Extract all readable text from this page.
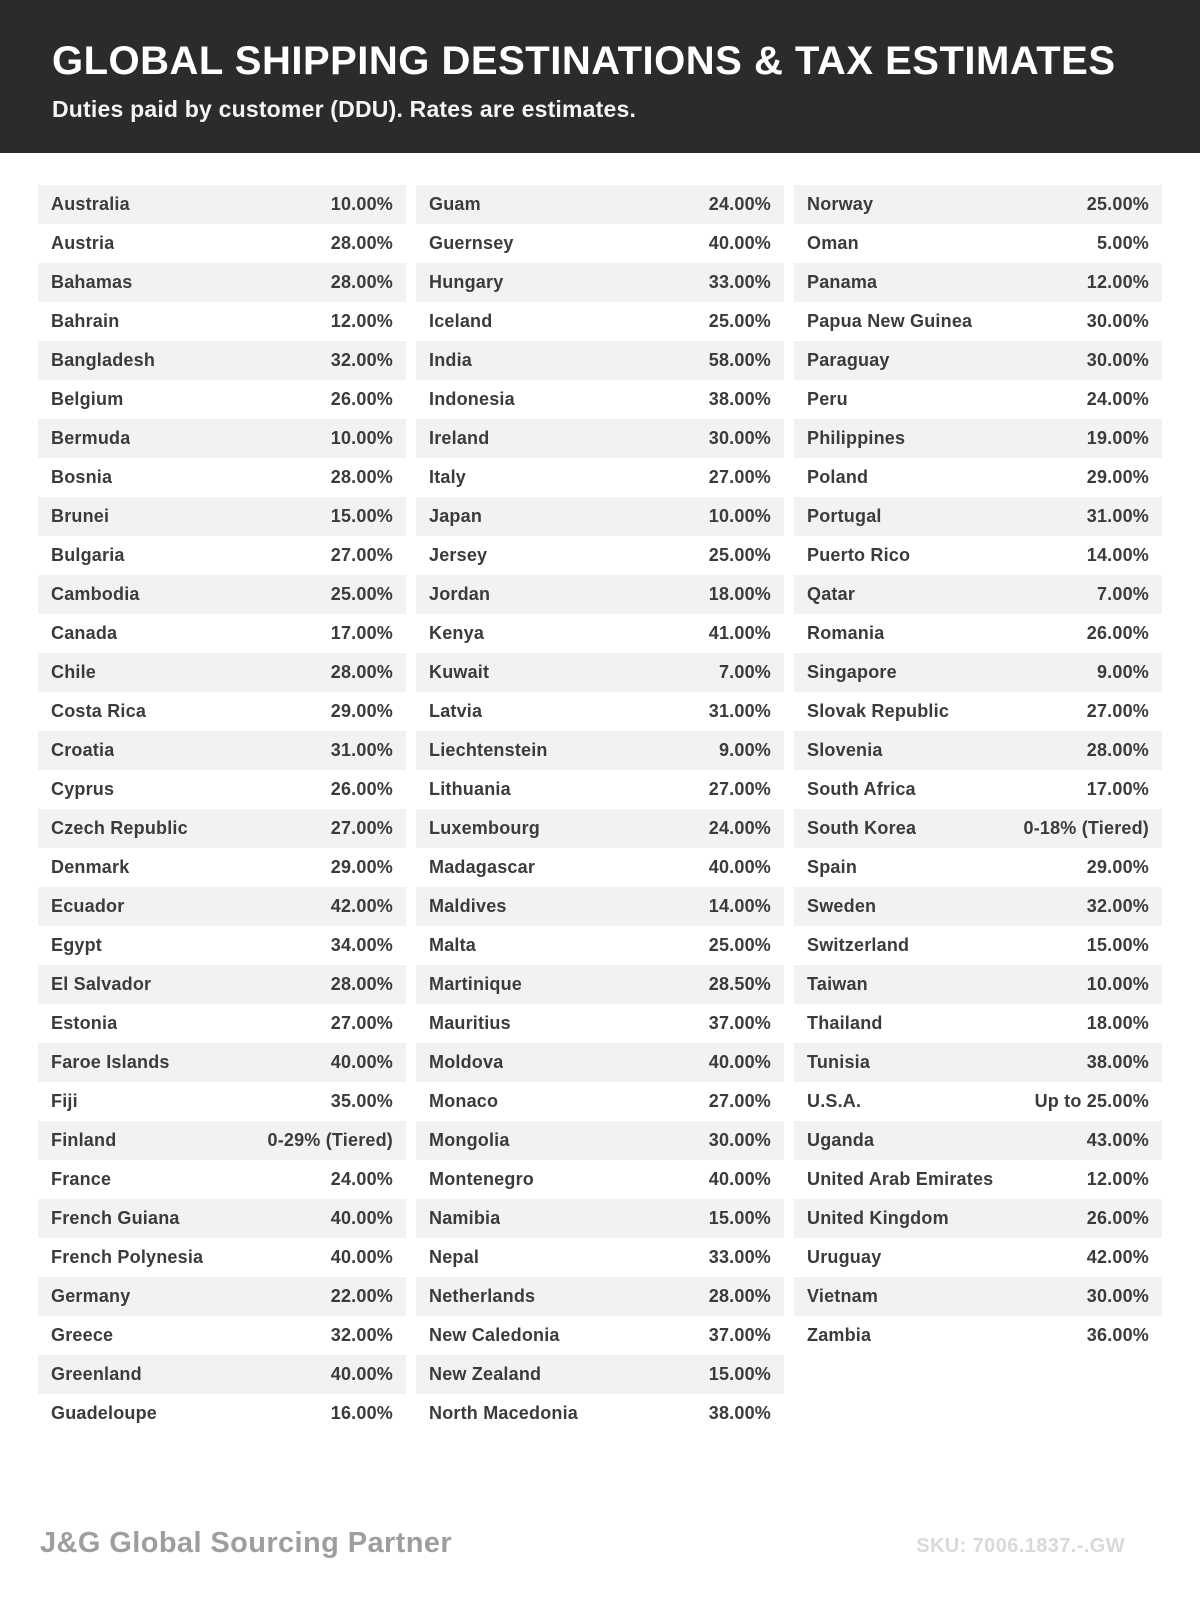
GLOBAL SHIPPING DESTINATIONS & TAX ESTIMATES
Duties paid by customer (DDU). Rates are estimates.
Australia	10.00%
Austria	28.00%
Bahamas	28.00%
Bahrain	12.00%
Bangladesh	32.00%
Belgium	26.00%
Bermuda	10.00%
Bosnia	28.00%
Brunei	15.00%
Bulgaria	27.00%
Cambodia	25.00%
Canada	17.00%
Chile	28.00%
Costa Rica	29.00%
Croatia	31.00%
Cyprus	26.00%
Czech Republic	27.00%
Denmark	29.00%
Ecuador	42.00%
Egypt	34.00%
El Salvador	28.00%
Estonia	27.00%
Faroe Islands	40.00%
Fiji	35.00%
Finland	0-29% (Tiered)
France	24.00%
French Guiana	40.00%
French Polynesia	40.00%
Germany	22.00%
Greece	32.00%
Greenland	40.00%
Guadeloupe	16.00%
Guam	24.00%
Guernsey	40.00%
Hungary	33.00%
Iceland	25.00%
India	58.00%
Indonesia	38.00%
Ireland	30.00%
Italy	27.00%
Japan	10.00%
Jersey	25.00%
Jordan	18.00%
Kenya	41.00%
Kuwait	7.00%
Latvia	31.00%
Liechtenstein	9.00%
Lithuania	27.00%
Luxembourg	24.00%
Madagascar	40.00%
Maldives	14.00%
Malta	25.00%
Martinique	28.50%
Mauritius	37.00%
Moldova	40.00%
Monaco	27.00%
Mongolia	30.00%
Montenegro	40.00%
Namibia	15.00%
Nepal	33.00%
Netherlands	28.00%
New Caledonia	37.00%
New Zealand	15.00%
North Macedonia	38.00%
Norway	25.00%
Oman	5.00%
Panama	12.00%
Papua New Guinea	30.00%
Paraguay	30.00%
Peru	24.00%
Philippines	19.00%
Poland	29.00%
Portugal	31.00%
Puerto Rico	14.00%
Qatar	7.00%
Romania	26.00%
Singapore	9.00%
Slovak Republic	27.00%
Slovenia	28.00%
South Africa	17.00%
South Korea	0-18% (Tiered)
Spain	29.00%
Sweden	32.00%
Switzerland	15.00%
Taiwan	10.00%
Thailand	18.00%
Tunisia	38.00%
U.S.A.	Up to 25.00%
Uganda	43.00%
United Arab Emirates	12.00%
United Kingdom	26.00%
Uruguay	42.00%
Vietnam	30.00%
Zambia	36.00%
J&G Global Sourcing Partner	SKU: 7006.1837.-.GW
